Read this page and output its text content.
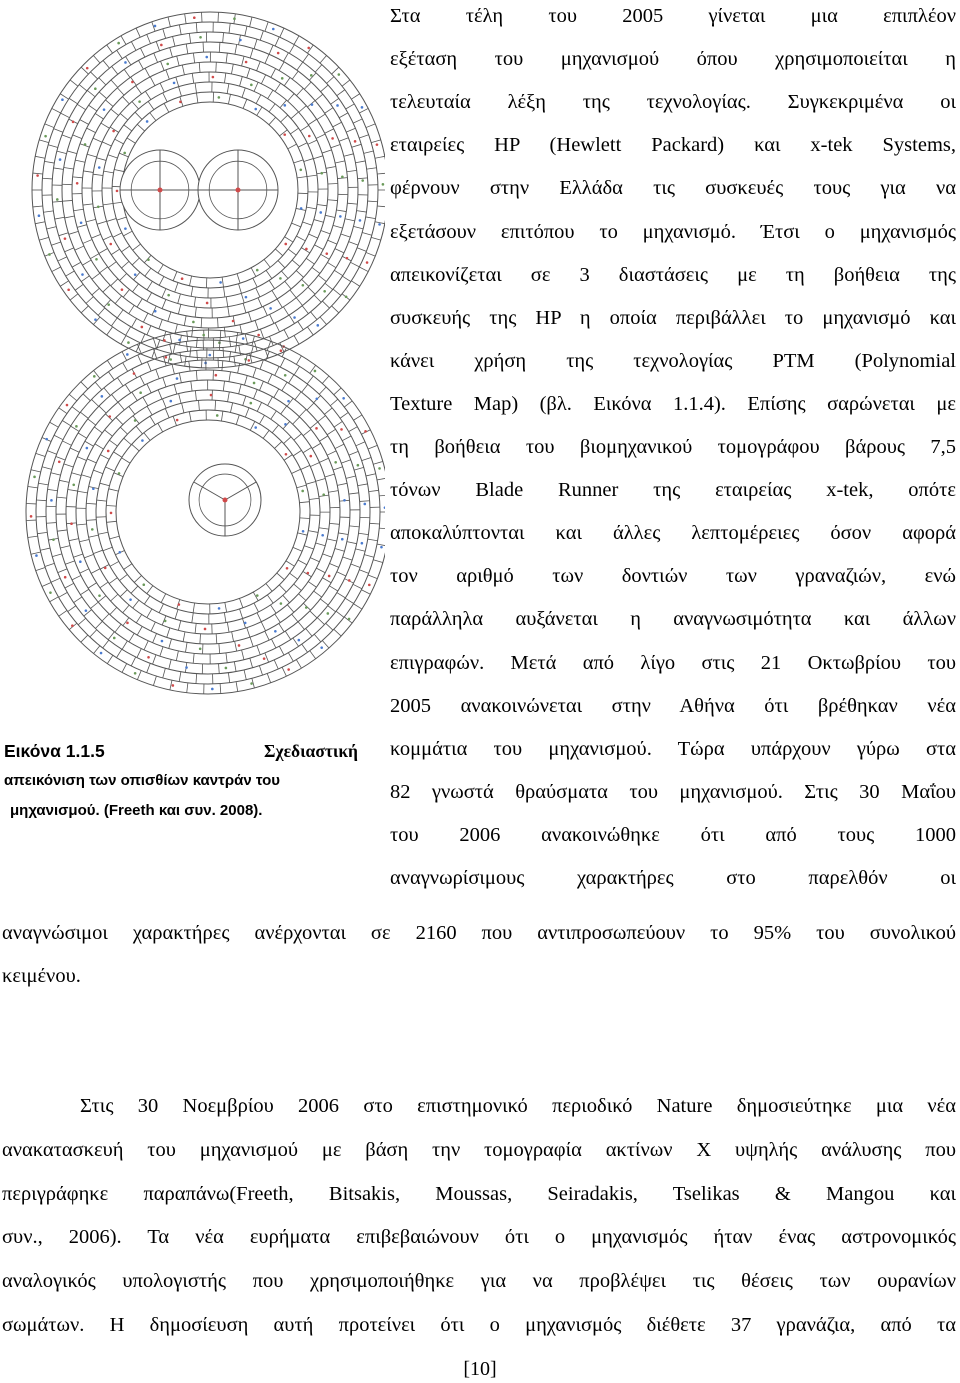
Στα τέλη του 2005 γίνεται μια επιπλέον
εξέταση του μηχανισμού όπου χρησιμοποιείται η
τελευταία λέξη της τεχνολογίας. Συγκεκριμένα οι
εταιρείες HP (Hewlett Packard) και x-tek Systems,
φέρνουν στην Ελλάδα τις συσκευές τους για να
εξετάσουν επιτόπου το μηχανισμό. Έτσι ο μηχανισμός
απεικονίζεται σε 3 διαστάσεις με τη βοήθεια της
συσκευής της HP η οποία περιβάλλει το μηχανισμό και
κάνει χρήση της τεχνολογίας PTM (Polynomial
Texture Map) (βλ. Εικόνα 1.1.4). Επίσης σαρώνεται με
τη βοήθεια του βιομηχανικού τομογράφου βάρους 7,5
τόνων Blade Runner της εταιρείας x-tek, οπότε
αποκαλύπτονται και άλλες λεπτομέρειες όσον αφορά
τον αριθμό των δοντιών των γραναζιών, ενώ
παράλληλα αυξάνεται η αναγνωσιμότητα και άλλων
επιγραφών. Μετά από λίγο στις 21 Οκτωβρίου του
2005 ανακοινώνεται στην Αθήνα ότι βρέθηκαν νέα
κομμάτια του μηχανισμού. Τώρα υπάρχουν γύρω στα
82 γνωστά θραύσματα του μηχανισμού. Στις 30 Μαΐου
του 2006 ανακοινώθηκε ότι από τους 1000
αναγνωρίσιμους χαρακτήρες στο παρελθόν οι
αναγνώσιμοι χαρακτήρες ανέρχονται σε 2160 που αντιπροσωπεύουν το 95% του συνολικού
κειμένου.
Εικόνα 1.1.5	Σχεδιαστική
απεικόνιση των οπισθίων καντράν του
μηχανισμού. (Freeth και συν. 2008).
Στις 30 Νοεμβρίου 2006 στο επιστημονικό περιοδικό Nature δημοσιεύτηκε μια νέα
ανακατασκευή του μηχανισμού με βάση την τομογραφία ακτίνων Χ υψηλής ανάλυσης που
περιγράφηκε παραπάνω(Freeth, Bitsakis, Moussas, Seiradakis, Tselikas & Mangou και
συν., 2006). Τα νέα ευρήματα επιβεβαιώνουν ότι ο μηχανισμός ήταν ένας αστρονομικός
αναλογικός υπολογιστής που χρησιμοποιήθηκε για να προβλέψει τις θέσεις των ουρανίων
σωμάτων. Η δημοσίευση αυτή προτείνει ότι ο μηχανισμός διέθετε 37 γρανάζια, από τα
[10]
